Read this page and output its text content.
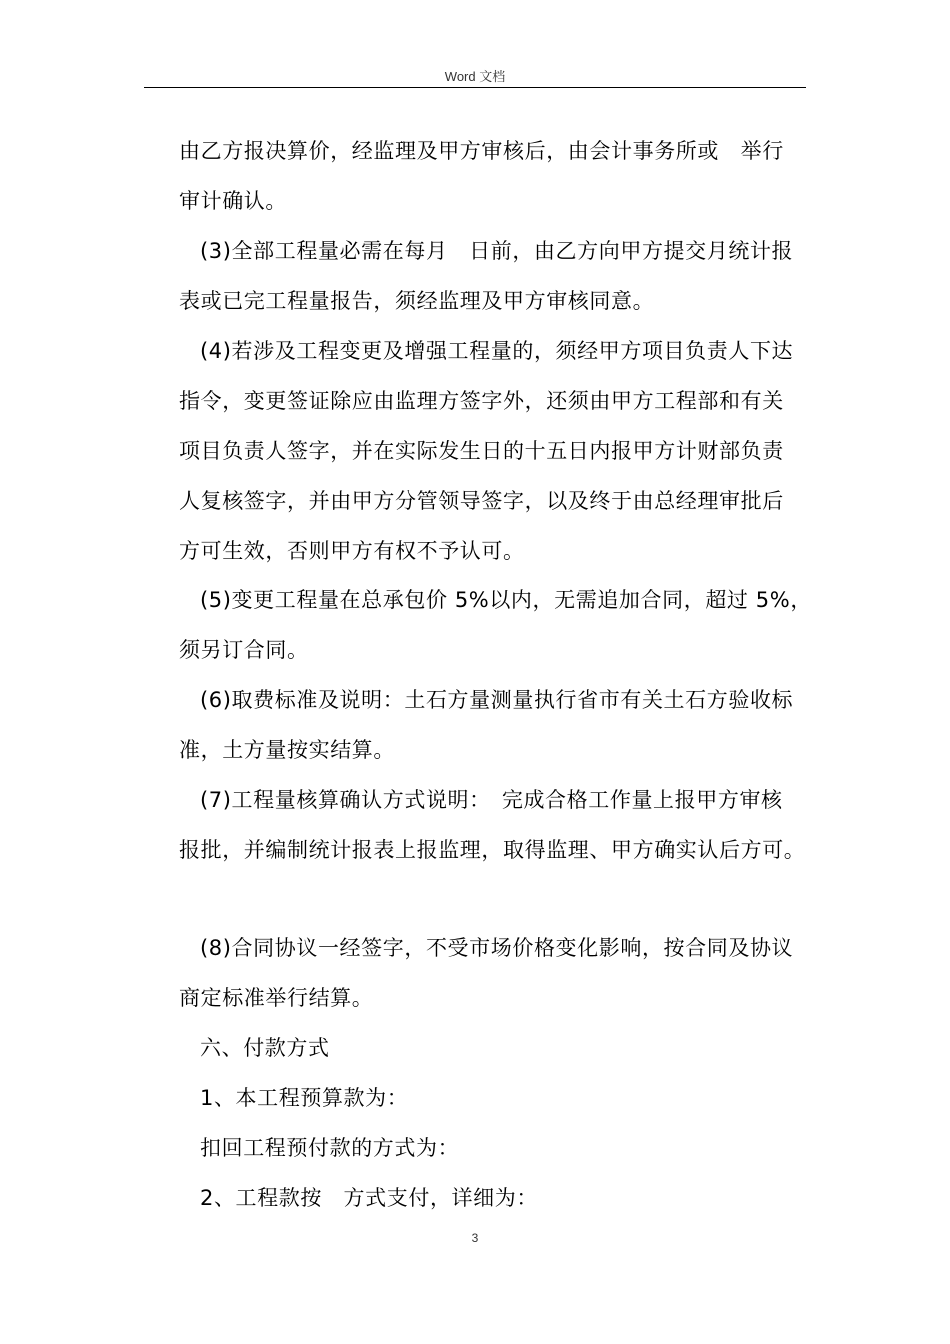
Word 文档
由乙方报决算价，经监理及甲方审核后，由会计事务所或　举行
审计确认。
(3)全部工程量必需在每月　日前，由乙方向甲方提交月统计报
表或已完工程量报告，须经监理及甲方审核同意。
(4)若涉及工程变更及增强工程量的，须经甲方项目负责人下达
指令，变更签证除应由监理方签字外，还须由甲方工程部和有关
项目负责人签字，并在实际发生日的十五日内报甲方计财部负责
人复核签字，并由甲方分管领导签字，以及终于由总经理审批后
方可生效，否则甲方有权不予认可。
(5)变更工程量在总承包价 5%以内，无需追加合同，超过 5%，
须另订合同。
(6)取费标准及说明：土石方量测量执行省市有关土石方验收标
准，土方量按实结算。
(7)工程量核算确认方式说明：　完成合格工作量上报甲方审核
报批，并编制统计报表上报监理，取得监理、甲方确实认后方可。
(8)合同协议一经签字，不受市场价格变化影响，按合同及协议
商定标准举行结算。
六、付款方式
1、本工程预算款为：
扣回工程预付款的方式为：
2、工程款按　方式支付，详细为：
3
